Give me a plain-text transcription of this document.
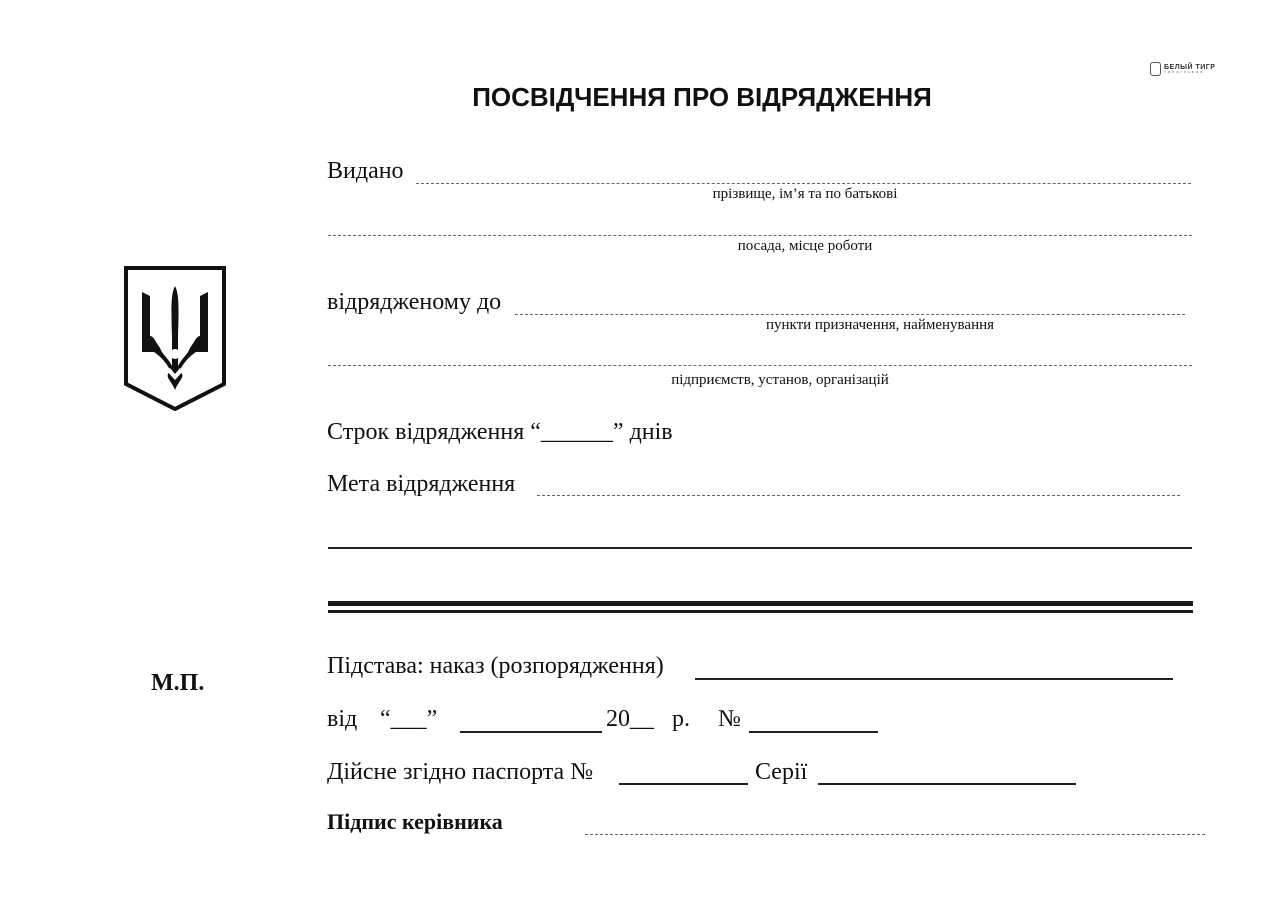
ПОСВІДЧЕННЯ ПРО ВІДРЯДЖЕННЯ
БЕЛЫЙ ТИГР
ТИПОГРАФИЯ
Видано
прізвище, ім’я та по батькові
посада, місце роботи
відрядженому до
пункти призначення, найменування
підприємств, установ, організацій
Строк відрядження “______” днів
Мета відрядження
М.П.
Підстава: наказ (розпорядження)
від “___”	20__ р. №
Дійсне згідно паспорта №	Серії
Підпис керівника
